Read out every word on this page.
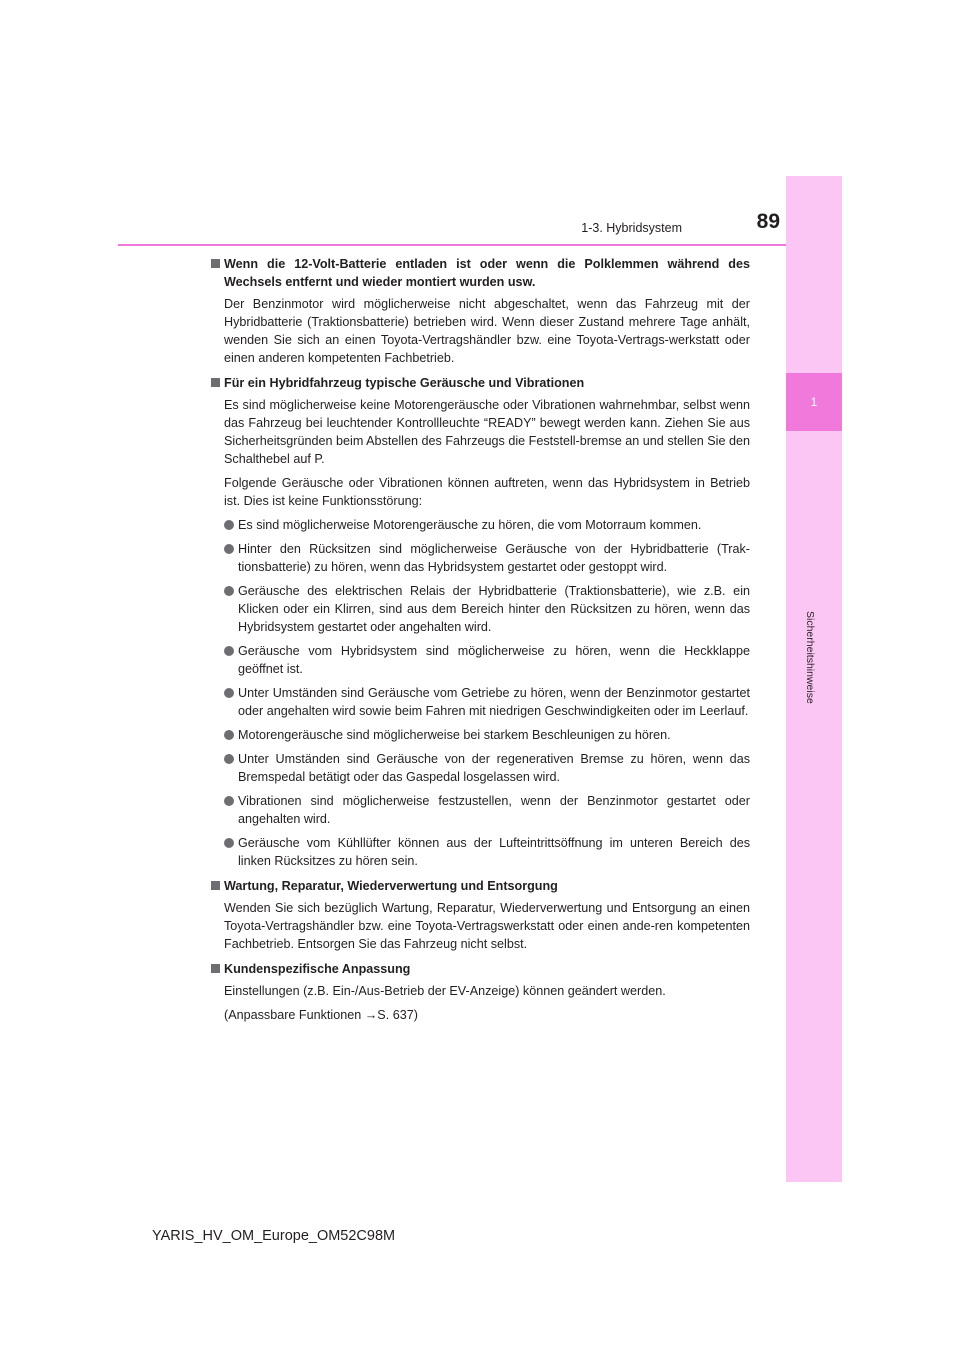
1
Sicherheitshinweise
1-3. Hybridsystem	89
Wenn die 12-Volt-Batterie entladen ist oder wenn die Polklemmen während des Wechsels entfernt und wieder montiert wurden usw.
Der Benzinmotor wird möglicherweise nicht abgeschaltet, wenn das Fahrzeug mit der Hybridbatterie (Traktionsbatterie) betrieben wird. Wenn dieser Zustand mehrere Tage anhält, wenden Sie sich an einen Toyota-Vertragshändler bzw. eine Toyota-Vertrags-werkstatt oder einen anderen kompetenten Fachbetrieb.
Für ein Hybridfahrzeug typische Geräusche und Vibrationen
Es sind möglicherweise keine Motorengeräusche oder Vibrationen wahrnehmbar, selbst wenn das Fahrzeug bei leuchtender Kontrollleuchte “READY” bewegt werden kann. Ziehen Sie aus Sicherheitsgründen beim Abstellen des Fahrzeugs die Feststell-bremse an und stellen Sie den Schalthebel auf P.
Folgende Geräusche oder Vibrationen können auftreten, wenn das Hybridsystem in Betrieb ist. Dies ist keine Funktionsstörung:
Es sind möglicherweise Motorengeräusche zu hören, die vom Motorraum kommen.
Hinter den Rücksitzen sind möglicherweise Geräusche von der Hybridbatterie (Trak-tionsbatterie) zu hören, wenn das Hybridsystem gestartet oder gestoppt wird.
Geräusche des elektrischen Relais der Hybridbatterie (Traktionsbatterie), wie z.B. ein Klicken oder ein Klirren, sind aus dem Bereich hinter den Rücksitzen zu hören, wenn das Hybridsystem gestartet oder angehalten wird.
Geräusche vom Hybridsystem sind möglicherweise zu hören, wenn die Heckklappe geöffnet ist.
Unter Umständen sind Geräusche vom Getriebe zu hören, wenn der Benzinmotor gestartet oder angehalten wird sowie beim Fahren mit niedrigen Geschwindigkeiten oder im Leerlauf.
Motorengeräusche sind möglicherweise bei starkem Beschleunigen zu hören.
Unter Umständen sind Geräusche von der regenerativen Bremse zu hören, wenn das Bremspedal betätigt oder das Gaspedal losgelassen wird.
Vibrationen sind möglicherweise festzustellen, wenn der Benzinmotor gestartet oder angehalten wird.
Geräusche vom Kühllüfter können aus der Lufteintrittsöffnung im unteren Bereich des linken Rücksitzes zu hören sein.
Wartung, Reparatur, Wiederverwertung und Entsorgung
Wenden Sie sich bezüglich Wartung, Reparatur, Wiederverwertung und Entsorgung an einen Toyota-Vertragshändler bzw. eine Toyota-Vertragswerkstatt oder einen ande-ren kompetenten Fachbetrieb. Entsorgen Sie das Fahrzeug nicht selbst.
Kundenspezifische Anpassung
Einstellungen (z.B. Ein-/Aus-Betrieb der EV-Anzeige) können geändert werden.
(Anpassbare Funktionen →S. 637)
YARIS_HV_OM_Europe_OM52C98M
